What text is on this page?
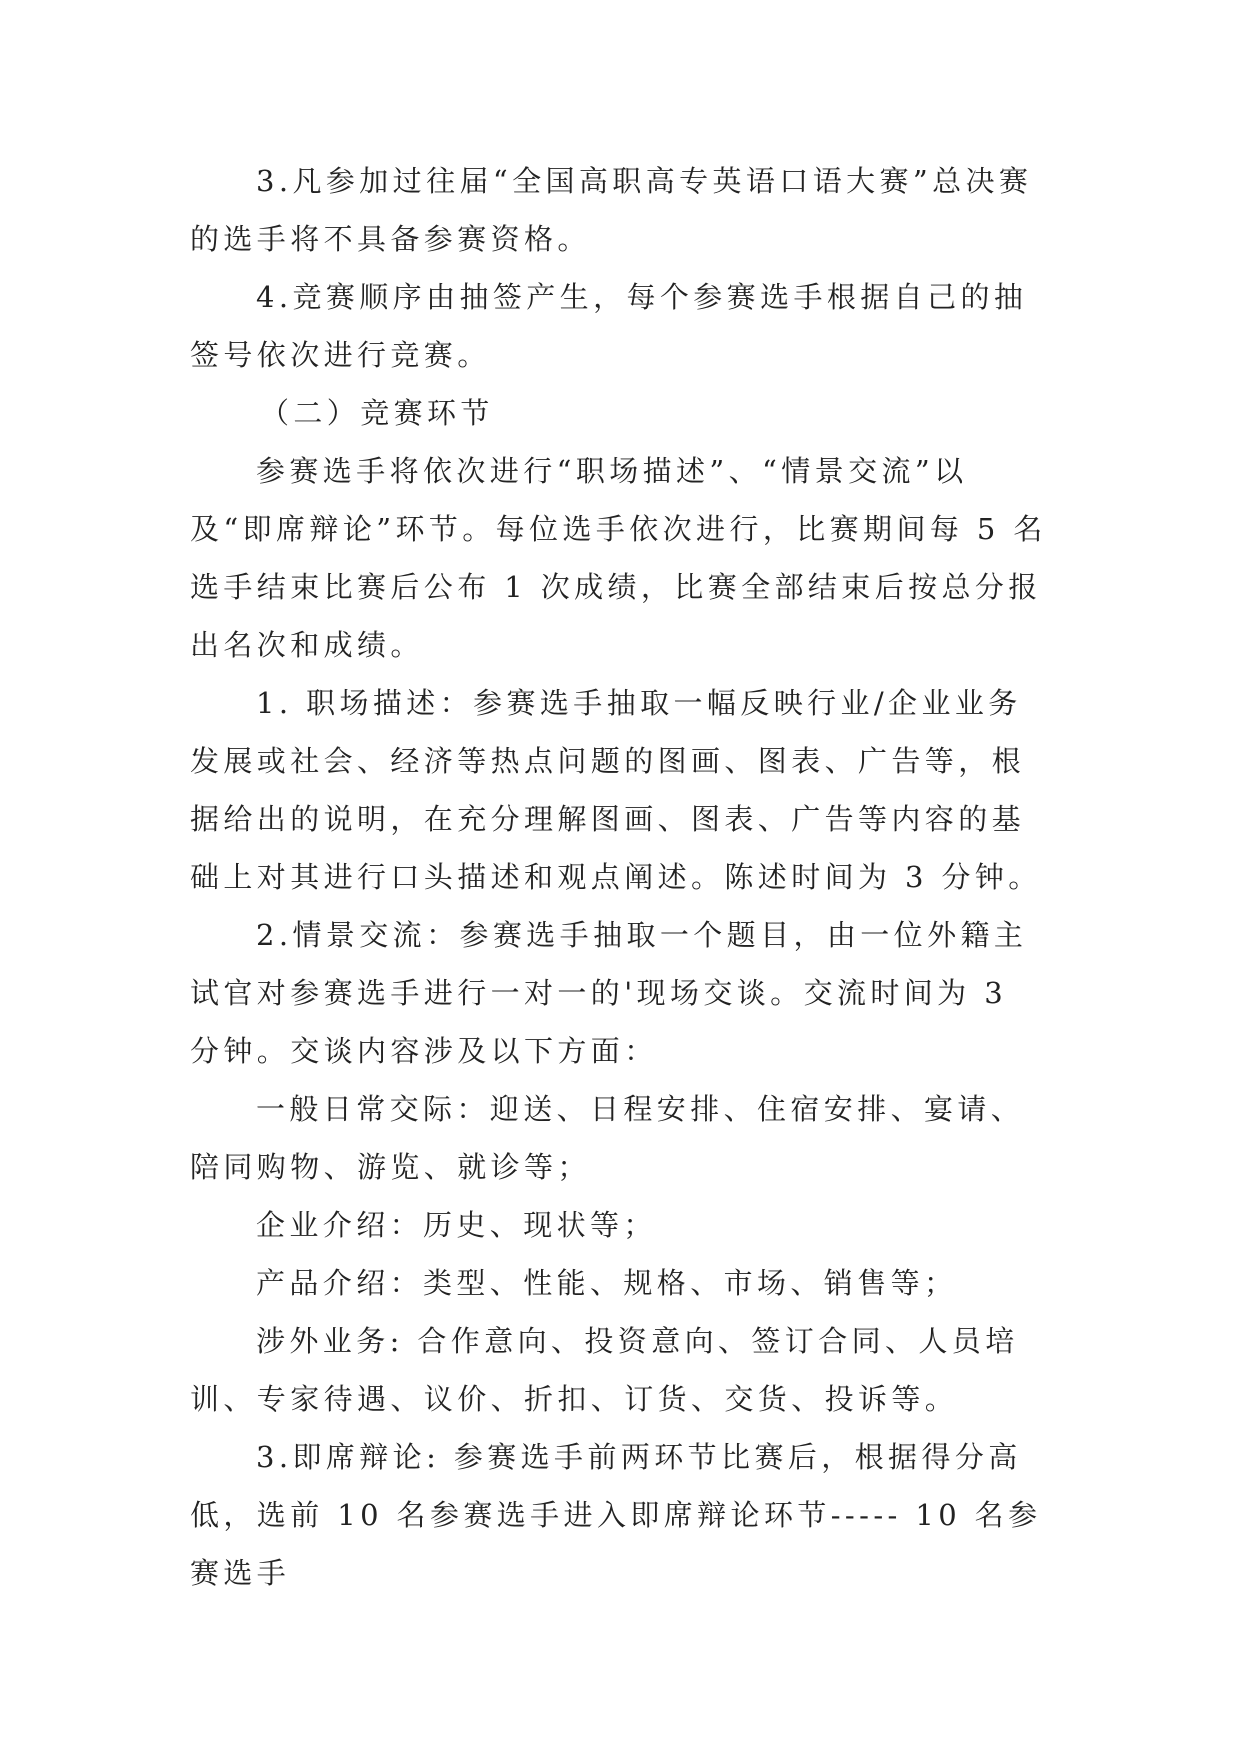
3.凡参加过往届“全国高职高专英语口语大赛”总决赛的选手将不具备参赛资格。

4.竞赛顺序由抽签产生，每个参赛选手根据自己的抽签号依次进行竞赛。

（二）竞赛环节

参赛选手将依次进行“职场描述”、“情景交流”以及“即席辩论”环节。每位选手依次进行，比赛期间每 5 名选手结束比赛后公布 1 次成绩，比赛全部结束后按总分报出名次和成绩。

1. 职场描述：参赛选手抽取一幅反映行业/企业业务发展或社会、经济等热点问题的图画、图表、广告等，根据给出的说明，在充分理解图画、图表、广告等内容的基础上对其进行口头描述和观点阐述。陈述时间为 3 分钟。

2.情景交流：参赛选手抽取一个题目，由一位外籍主试官对参赛选手进行一对一的'现场交谈。交流时间为 3 分钟。交谈内容涉及以下方面：

一般日常交际：迎送、日程安排、住宿安排、宴请、陪同购物、游览、就诊等；

企业介绍：历史、现状等；

产品介绍：类型、性能、规格、市场、销售等；

涉外业务: 合作意向、投资意向、签订合同、人员培训、专家待遇、议价、折扣、订货、交货、投诉等。

3.即席辩论: 参赛选手前两环节比赛后，根据得分高低，选前 10 名参赛选手进入即席辩论环节----- 10 名参赛选手
